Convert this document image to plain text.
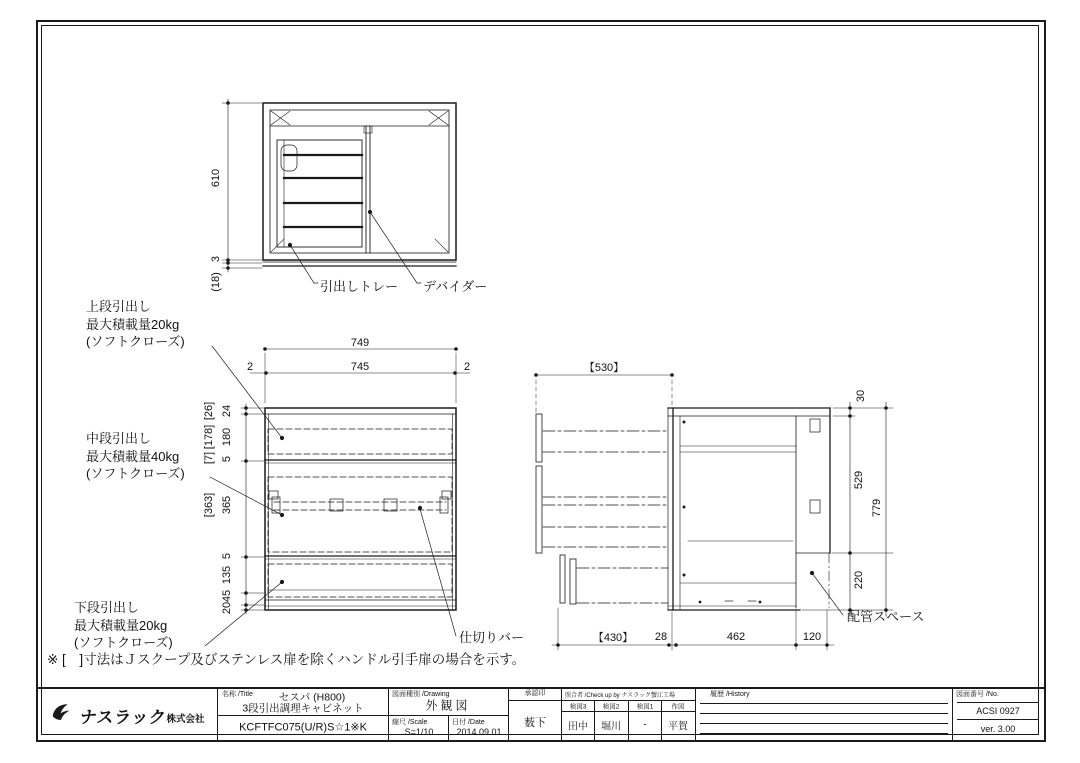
610
3
(18)	引出しトレー デバイダー
749
745
2	2
24
180
5
365
5
135
45
20
[26]
[178]
[7]
[363]
仕切りバー
上段引出し
最大積載量20kg
(ソフトクローズ)
中段引出し
最大積載量40kg
(ソフトクローズ)
下段引出し
最大積載量20kg
(ソフトクローズ)
【530】
30
529
220
779
【430】 28	462	120
配管スペース
※ [　]寸法はＪスクープ及びステンレス扉を除くハンドル引手扉の場合を示す。
ナスラック 株式会社
名称 /Title セスパ (H800)
3段引出調理キャビネット
KCFTFC075(U/R)S☆1※K
図面種別 /Drawing
外観図
縮尺 /Scale
S=1/10
日付 /Date
2014.09.01
承認印
薮下
照合者 /Check up by ナスラック蟹江工場
検図3	検図2	検図1	作図
田中 堀川 - 平賀
履歴 /History	図面番号 /No.
ACSI 0927
ver. 3.00
